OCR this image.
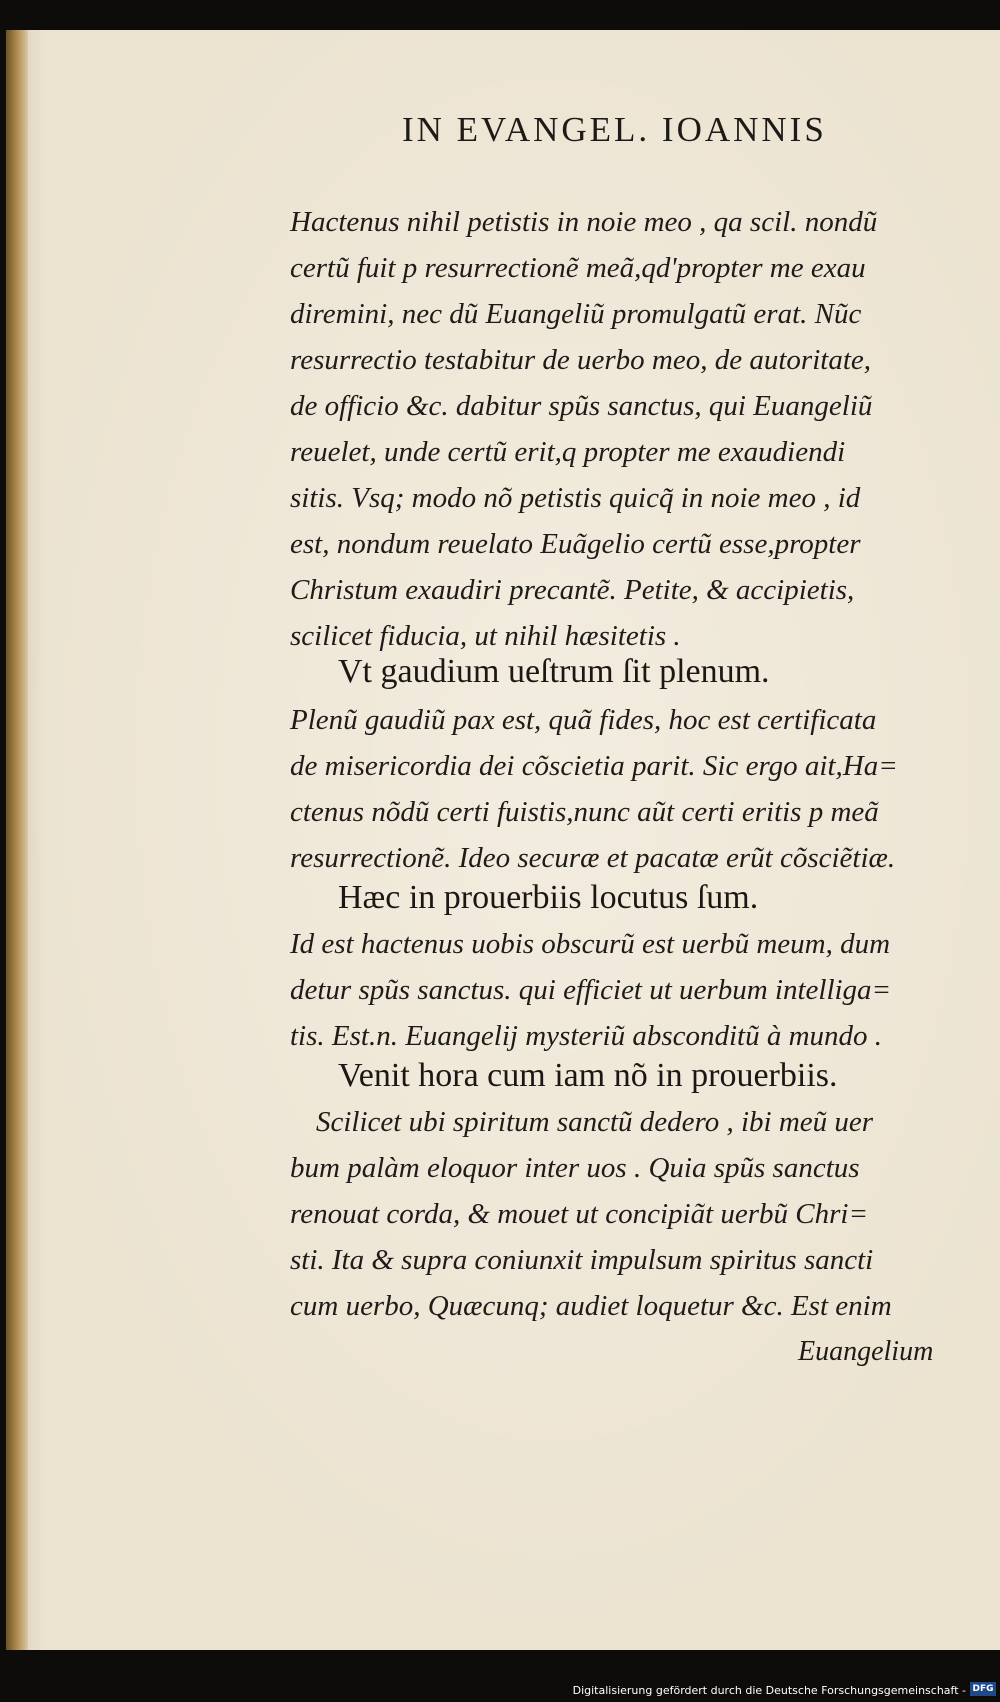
IN EVANGEL. IOANNIS
Hactenus nihil petistis in noie meo , qa scil. nondũ
certũ fuit p resurrectionẽ meã,qd'propter me exau
diremini, nec dũ Euangeliũ promulgatũ erat. Nũc
resurrectio testabitur de uerbo meo, de autoritate,
de officio &c. dabitur spũs sanctus, qui Euangeliũ
reuelet, unde certũ erit,q propter me exaudiendi
sitis. Vsq; modo nõ petistis quicq̃ in noie meo , id
est, nondum reuelato Euãgelio certũ esse,propter
Christum exaudiri precantẽ. Petite, & accipietis,
scilicet fiducia, ut nihil hæsitetis .
Vt gaudium ueſtrum ſit plenum.
Plenũ gaudiũ pax est, quã fides, hoc est certificata
de misericordia dei cõscietia parit. Sic ergo ait,Ha=
ctenus nõdũ certi fuistis,nunc aũt certi eritis p meã
resurrectionẽ. Ideo securæ et pacatæ erũt cõsciẽtiæ.
Hæc in prouerbiis locutus ſum.
Id est hactenus uobis obscurũ est uerbũ meum, dum
detur spũs sanctus. qui efficiet ut uerbum intelliga=
tis. Est.n. Euangelij mysteriũ absconditũ à mundo .
Venit hora cum iam nõ in prouerbiis.
Scilicet ubi spiritum sanctũ dedero , ibi meũ uer
bum palàm eloquor inter uos . Quia spũs sanctus
renouat corda, & mouet ut concipiãt uerbũ Chri=
sti. Ita & supra coniunxit impulsum spiritus sancti
cum uerbo, Quæcunq; audiet loquetur &c. Est enim
Euangelium
Digitalisierung gefördert durch die Deutsche Forschungsgemeinschaft - DFG
